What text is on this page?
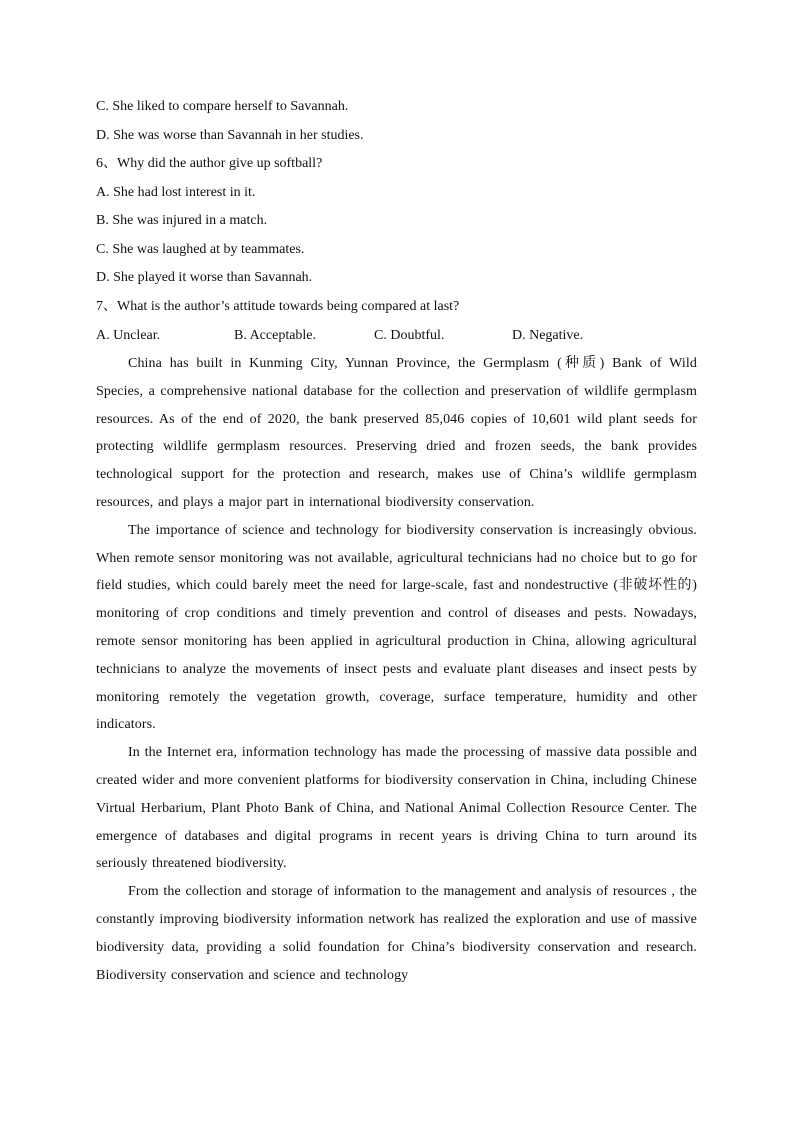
C. She liked to compare herself to Savannah.
D. She was worse than Savannah in her studies.
6、Why did the author give up softball?
A. She had lost interest in it.
B. She was injured in a match.
C. She was laughed at by teammates.
D. She played it worse than Savannah.
7、What is the author’s attitude towards being compared at last?
A. Unclear.	B. Acceptable.	C. Doubtful.	D. Negative.

China has built in Kunming City, Yunnan Province, the Germplasm (种质) Bank of Wild Species, a comprehensive national database for the collection and preservation of wildlife germplasm resources. As of the end of 2020, the bank preserved 85,046 copies of 10,601 wild plant seeds for protecting wildlife germplasm resources. Preserving dried and frozen seeds, the bank provides technological support for the protection and research, makes use of China’s wildlife germplasm resources, and plays a major part in international biodiversity conservation.

The importance of science and technology for biodiversity conservation is increasingly obvious. When remote sensor monitoring was not available, agricultural technicians had no choice but to go for field studies, which could barely meet the need for large-scale, fast and nondestructive (非破坏性的) monitoring of crop conditions and timely prevention and control of diseases and pests. Nowadays, remote sensor monitoring has been applied in agricultural production in China, allowing agricultural technicians to analyze the movements of insect pests and evaluate plant diseases and insect pests by monitoring remotely the vegetation growth, coverage, surface temperature, humidity and other indicators.

In the Internet era, information technology has made the processing of massive data possible and created wider and more convenient platforms for biodiversity conservation in China, including Chinese Virtual Herbarium, Plant Photo Bank of China, and National Animal Collection Resource Center. The emergence of databases and digital programs in recent years is driving China to turn around its seriously threatened biodiversity.

From the collection and storage of information to the management and analysis of resources , the constantly improving biodiversity information network has realized the exploration and use of massive biodiversity data, providing a solid foundation for China’s biodiversity conservation and research. Biodiversity conservation and science and technology
